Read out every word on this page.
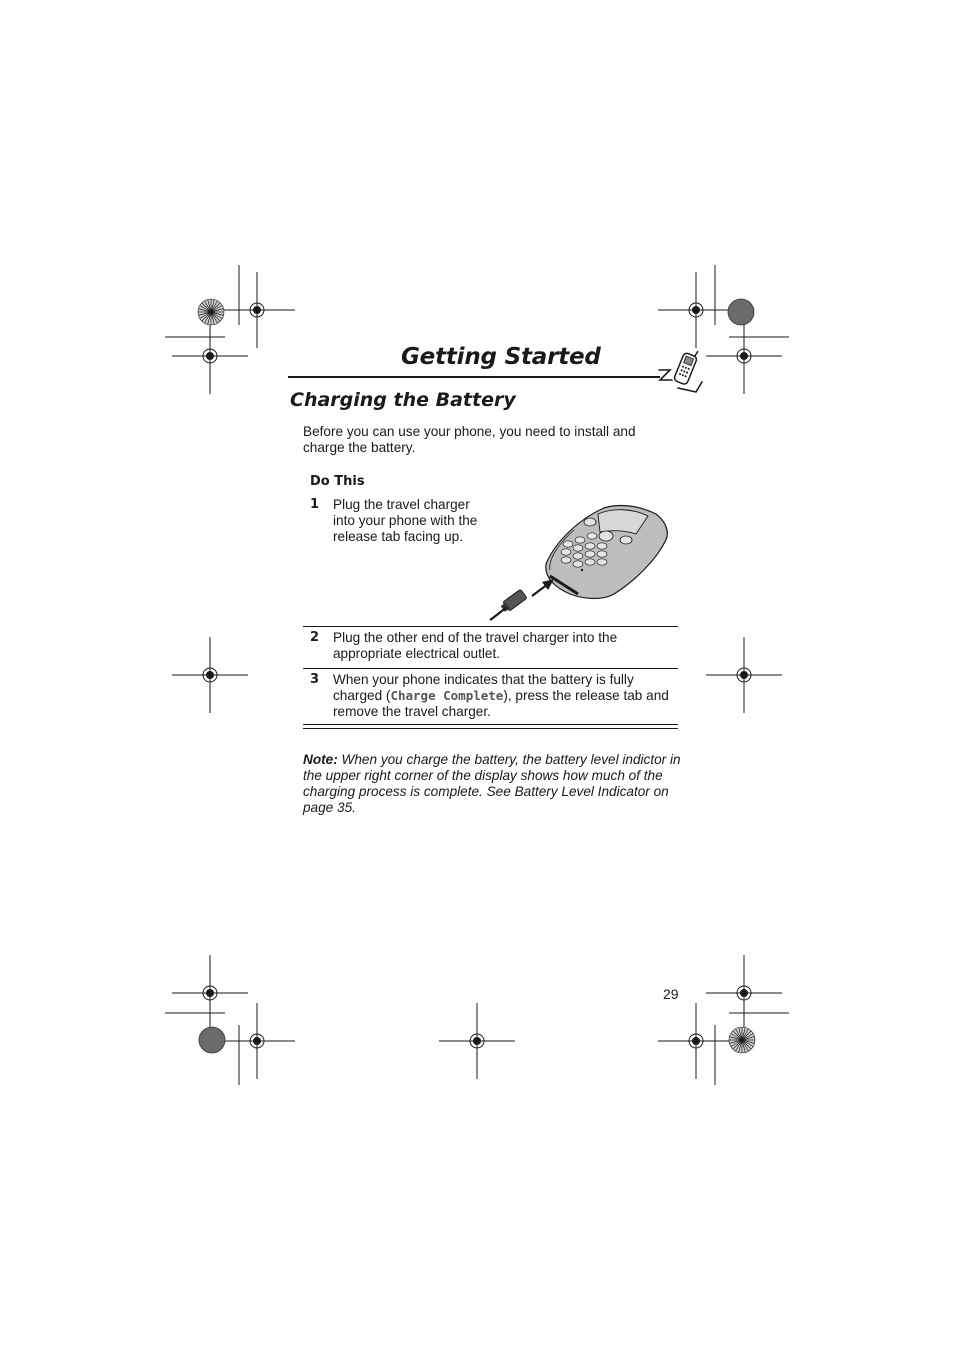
Getting Started
Charging the Battery
Before you can use your phone, you need to install and charge the battery.
Do This
1 Plug the travel charger into your phone with the release tab facing up.
2 Plug the other end of the travel charger into the appropriate electrical outlet.
3 When your phone indicates that the battery is fully charged (Charge Complete), press the release tab and remove the travel charger.
Note: When you charge the battery, the battery level indictor in the upper right corner of the display shows how much of the charging process is complete. See Battery Level Indicator on page 35.
29
